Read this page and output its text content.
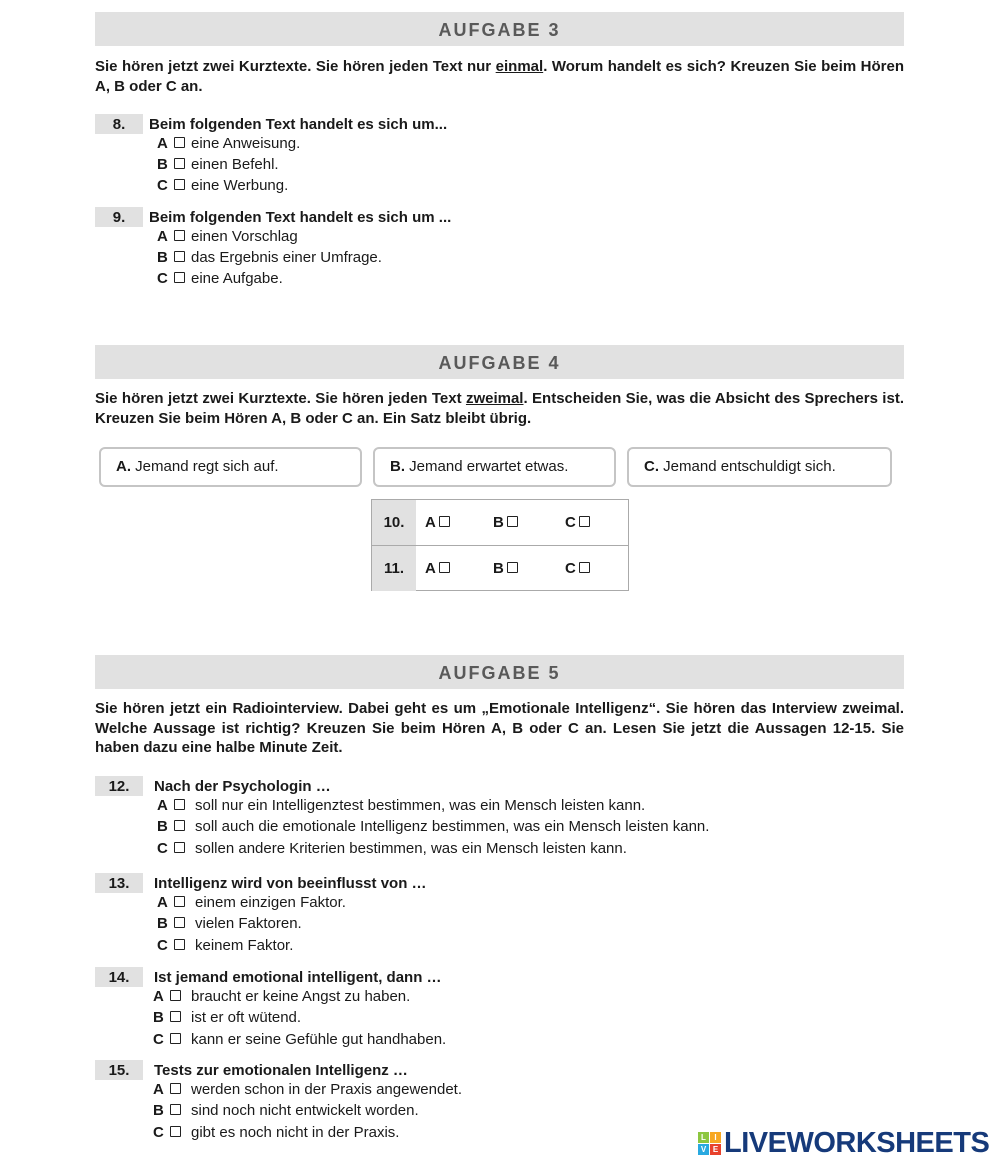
AUFGABE 3
Sie hören jetzt zwei Kurztexte. Sie hören jeden Text nur einmal. Worum handelt es sich? Kreuzen Sie beim Hören A, B oder C an.
8.	Beim folgenden Text handelt es sich um...
A eine Anweisung.
B einen Befehl.
C eine Werbung.
9.	Beim folgenden Text handelt es sich um ...
A einen Vorschlag
B das Ergebnis einer Umfrage.
C eine Aufgabe.
AUFGABE 4
Sie hören jetzt zwei Kurztexte. Sie hören jeden Text zweimal. Entscheiden Sie, was die Absicht des Sprechers ist. Kreuzen Sie beim Hören A, B oder C an. Ein Satz bleibt übrig.
A. Jemand regt sich auf.	B. Jemand erwartet etwas.	C. Jemand entschuldigt sich.
10.	A	B	C
11.	A	B	C
AUFGABE 5
Sie hören jetzt ein Radiointerview. Dabei geht es um „Emotionale Intelligenz“. Sie hören das Interview zweimal. Welche Aussage ist richtig? Kreuzen Sie beim Hören A, B oder C an. Lesen Sie jetzt die Aussagen 12-15. Sie haben dazu eine halbe Minute Zeit.
12.	Nach der Psychologin …
A soll nur ein Intelligenztest bestimmen, was ein Mensch leisten kann.
B soll auch die emotionale Intelligenz bestimmen, was ein Mensch leisten kann.
C sollen andere Kriterien bestimmen, was ein Mensch leisten kann.
13.	Intelligenz wird von beeinflusst von …
A einem einzigen Faktor.
B vielen Faktoren.
C keinem Faktor.
14.	Ist jemand emotional intelligent, dann …
A braucht er keine Angst zu haben.
B ist er oft wütend.
C kann er seine Gefühle gut handhaben.
15.	Tests zur emotionalen Intelligenz …
A werden schon in der Praxis angewendet.
B sind noch nicht entwickelt worden.
C gibt es noch nicht in der Praxis.	L	I
V E LIVEWORKSHEETS
